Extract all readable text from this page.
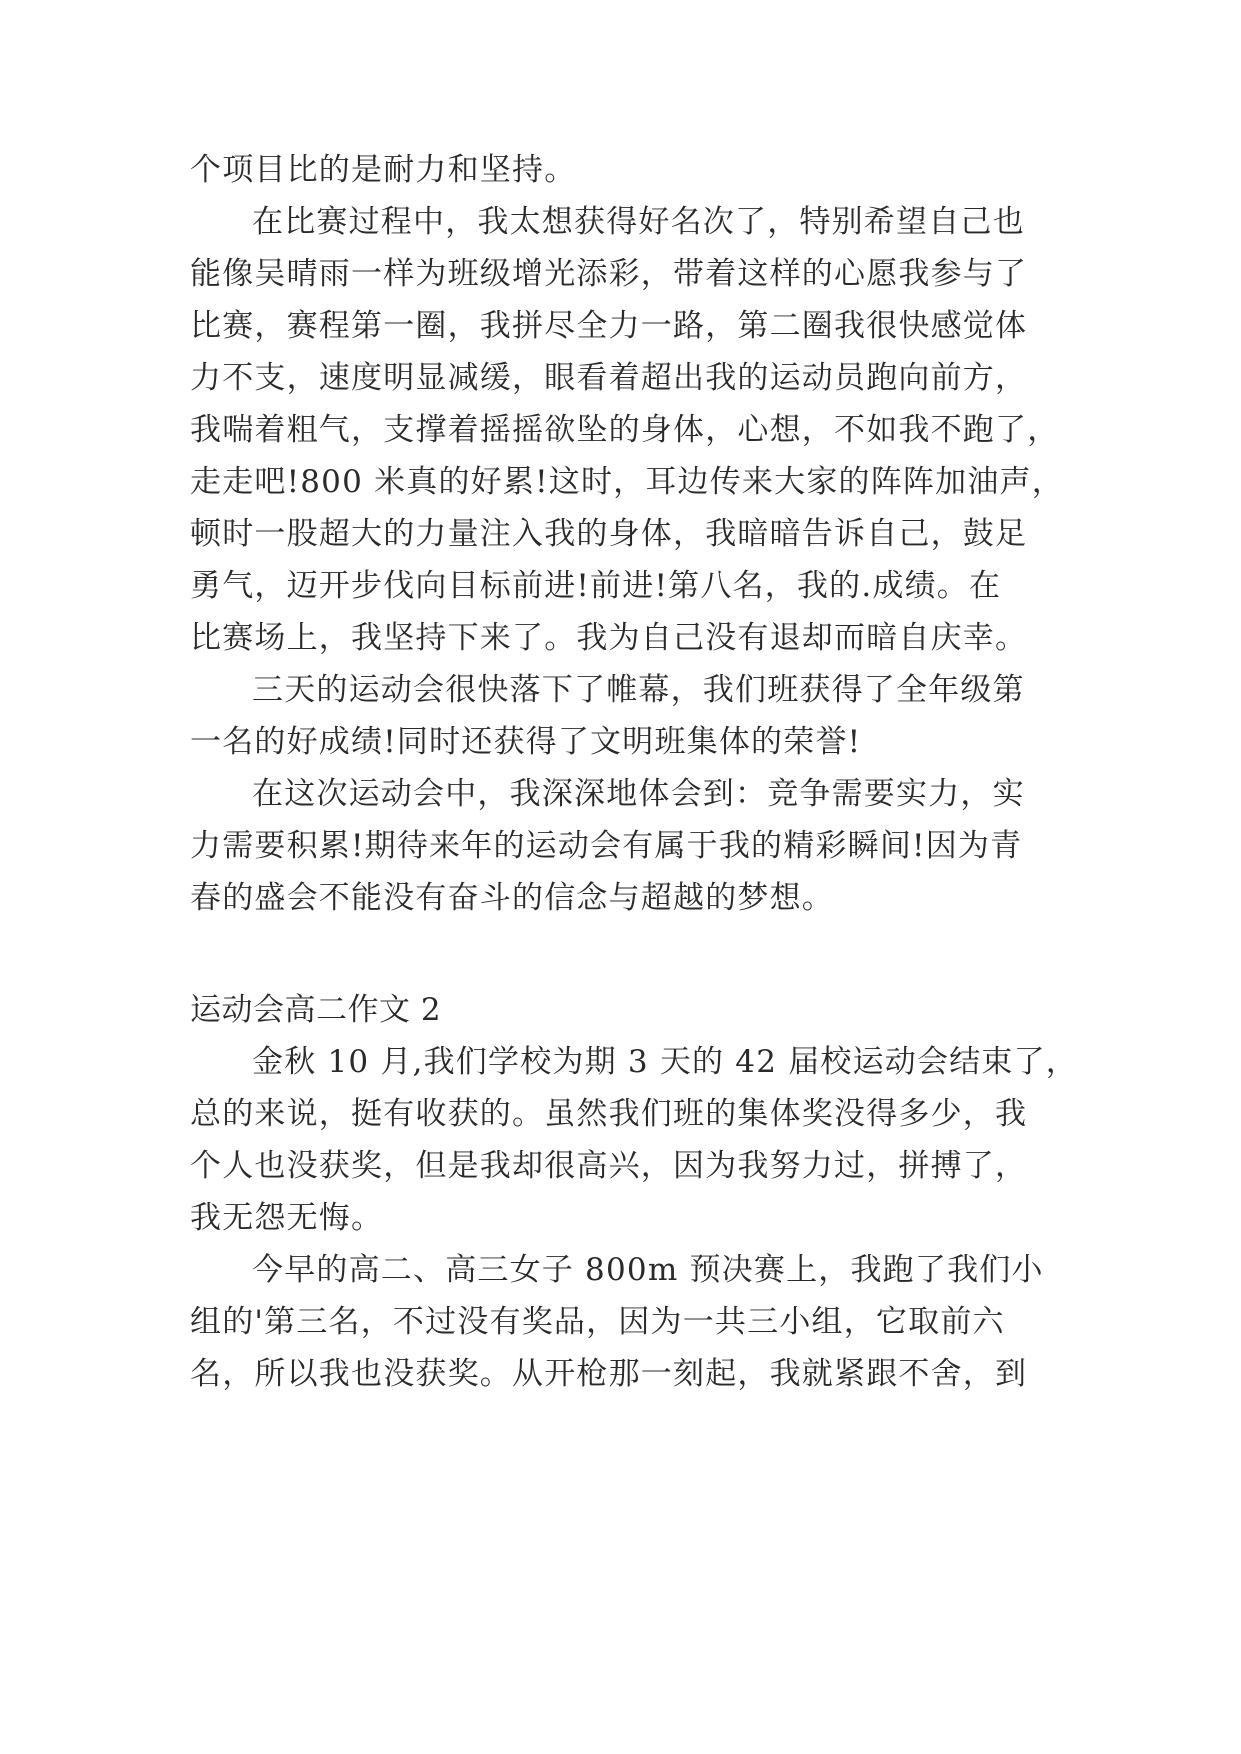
个项目比的是耐力和坚持。
在比赛过程中，我太想获得好名次了，特别希望自己也
能像吴晴雨一样为班级增光添彩，带着这样的心愿我参与了
比赛，赛程第一圈，我拼尽全力一路，第二圈我很快感觉体
力不支，速度明显减缓，眼看着超出我的运动员跑向前方，
我喘着粗气，支撑着摇摇欲坠的身体，心想，不如我不跑了，
走走吧!800 米真的好累!这时，耳边传来大家的阵阵加油声，
顿时一股超大的力量注入我的身体，我暗暗告诉自己，鼓足
勇气，迈开步伐向目标前进!前进!第八名，我的.成绩。在
比赛场上，我坚持下来了。我为自己没有退却而暗自庆幸。
三天的运动会很快落下了帷幕，我们班获得了全年级第
一名的好成绩!同时还获得了文明班集体的荣誉!
在这次运动会中，我深深地体会到：竞争需要实力，实
力需要积累!期待来年的运动会有属于我的精彩瞬间!因为青
春的盛会不能没有奋斗的信念与超越的梦想。
运动会高二作文 2
金秋 10 月,我们学校为期 3 天的 42 届校运动会结束了，
总的来说，挺有收获的。虽然我们班的集体奖没得多少，我
个人也没获奖，但是我却很高兴，因为我努力过，拼搏了，
我无怨无悔。
今早的高二、高三女子 800m 预决赛上，我跑了我们小
组的'第三名，不过没有奖品，因为一共三小组，它取前六
名，所以我也没获奖。从开枪那一刻起，我就紧跟不舍，到
